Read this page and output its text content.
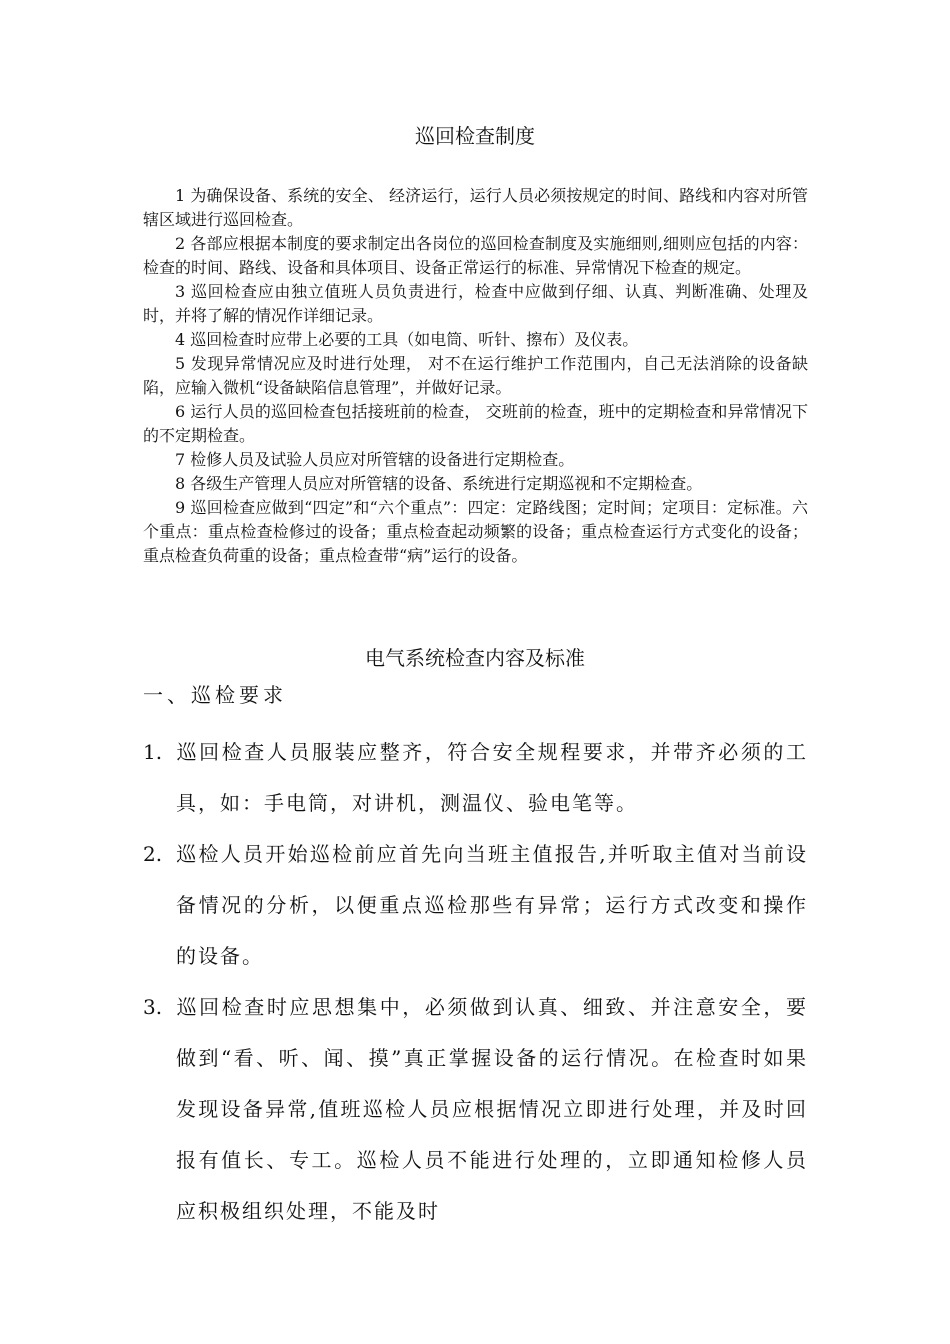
巡回检查制度

1 为确保设备、系统的安全、 经济运行，运行人员必须按规定的时间、路线和内容对所管辖区域进行巡回检查。

2 各部应根据本制度的要求制定出各岗位的巡回检查制度及实施细则,细则应包括的内容：检查的时间、路线、设备和具体项目、设备正常运行的标准、异常情况下检查的规定。

3 巡回检查应由独立值班人员负责进行，检查中应做到仔细、认真、判断准确、处理及时，并将了解的情况作详细记录。

4 巡回检查时应带上必要的工具（如电筒、听针、擦布）及仪表。

5 发现异常情况应及时进行处理， 对不在运行维护工作范围内，自己无法消除的设备缺陷，应输入微机“设备缺陷信息管理”，并做好记录。

6 运行人员的巡回检查包括接班前的检查， 交班前的检查，班中的定期检查和异常情况下的不定期检查。

7 检修人员及试验人员应对所管辖的设备进行定期检查。

8 各级生产管理人员应对所管辖的设备、系统进行定期巡视和不定期检查。

9 巡回检查应做到“四定”和“六个重点”：四定：定路线图；定时间；定项目：定标准。六个重点：重点检查检修过的设备；重点检查起动频繁的设备；重点检查运行方式变化的设备；重点检查负荷重的设备；重点检查带“病”运行的设备。

电气系统检查内容及标准
一、巡检要求

1. 巡回检查人员服装应整齐，符合安全规程要求，并带齐必须的工具，如：手电筒，对讲机，测温仪、验电笔等。

2. 巡检人员开始巡检前应首先向当班主值报告,并听取主值对当前设备情况的分析，以便重点巡检那些有异常；运行方式改变和操作的设备。

3. 巡回检查时应思想集中，必须做到认真、细致、并注意安全，要做到“看、听、闻、摸”真正掌握设备的运行情况。在检查时如果发现设备异常,值班巡检人员应根据情况立即进行处理，并及时回报有值长、专工。巡检人员不能进行处理的，立即通知检修人员应积极组织处理，不能及时
